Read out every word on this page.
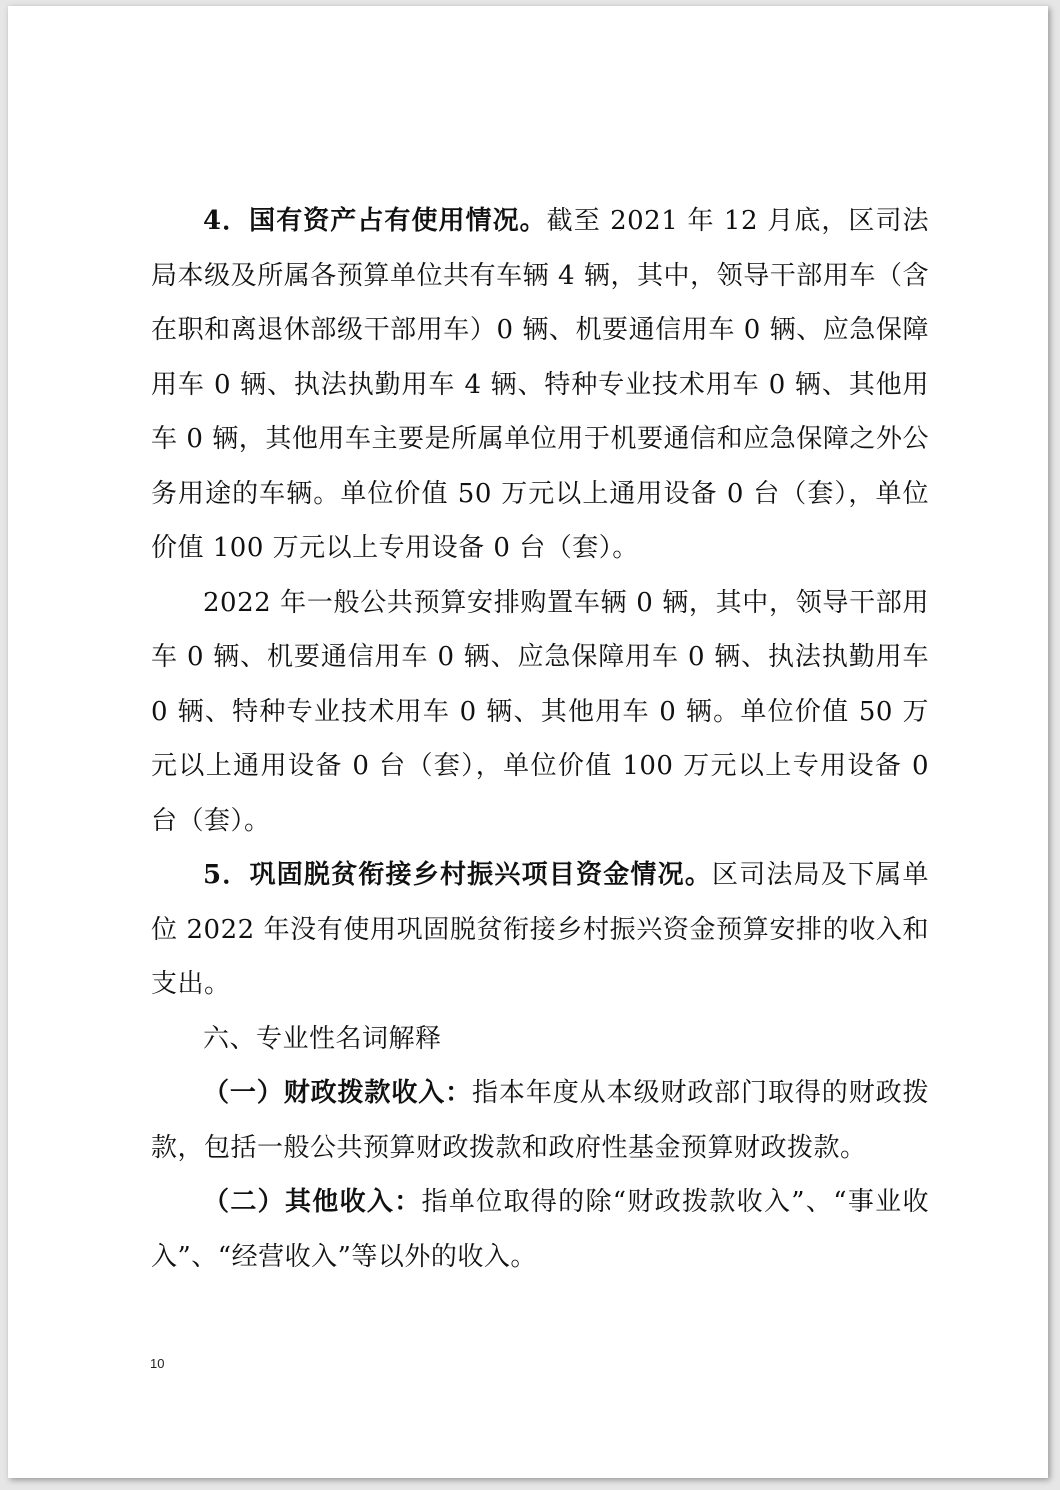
4．国有资产占有使用情况。截至 2021 年 12 月底，区司法局本级及所属各预算单位共有车辆 4 辆，其中，领导干部用车（含在职和离退休部级干部用车）0 辆、机要通信用车 0 辆、应急保障用车 0 辆、执法执勤用车 4 辆、特种专业技术用车 0 辆、其他用车 0 辆，其他用车主要是所属单位用于机要通信和应急保障之外公务用途的车辆。单位价值 50 万元以上通用设备 0 台（套），单位价值 100 万元以上专用设备 0 台（套）。

2022 年一般公共预算安排购置车辆 0 辆，其中，领导干部用车 0 辆、机要通信用车 0 辆、应急保障用车 0 辆、执法执勤用车 0 辆、特种专业技术用车 0 辆、其他用车 0 辆。单位价值 50 万元以上通用设备 0 台（套），单位价值 100 万元以上专用设备 0 台（套）。

5．巩固脱贫衔接乡村振兴项目资金情况。区司法局及下属单位 2022 年没有使用巩固脱贫衔接乡村振兴资金预算安排的收入和支出。

六、专业性名词解释

（一）财政拨款收入：指本年度从本级财政部门取得的财政拨款，包括一般公共预算财政拨款和政府性基金预算财政拨款。

（二）其他收入：指单位取得的除“财政拨款收入”、“事业收入”、“经营收入”等以外的收入。

10
